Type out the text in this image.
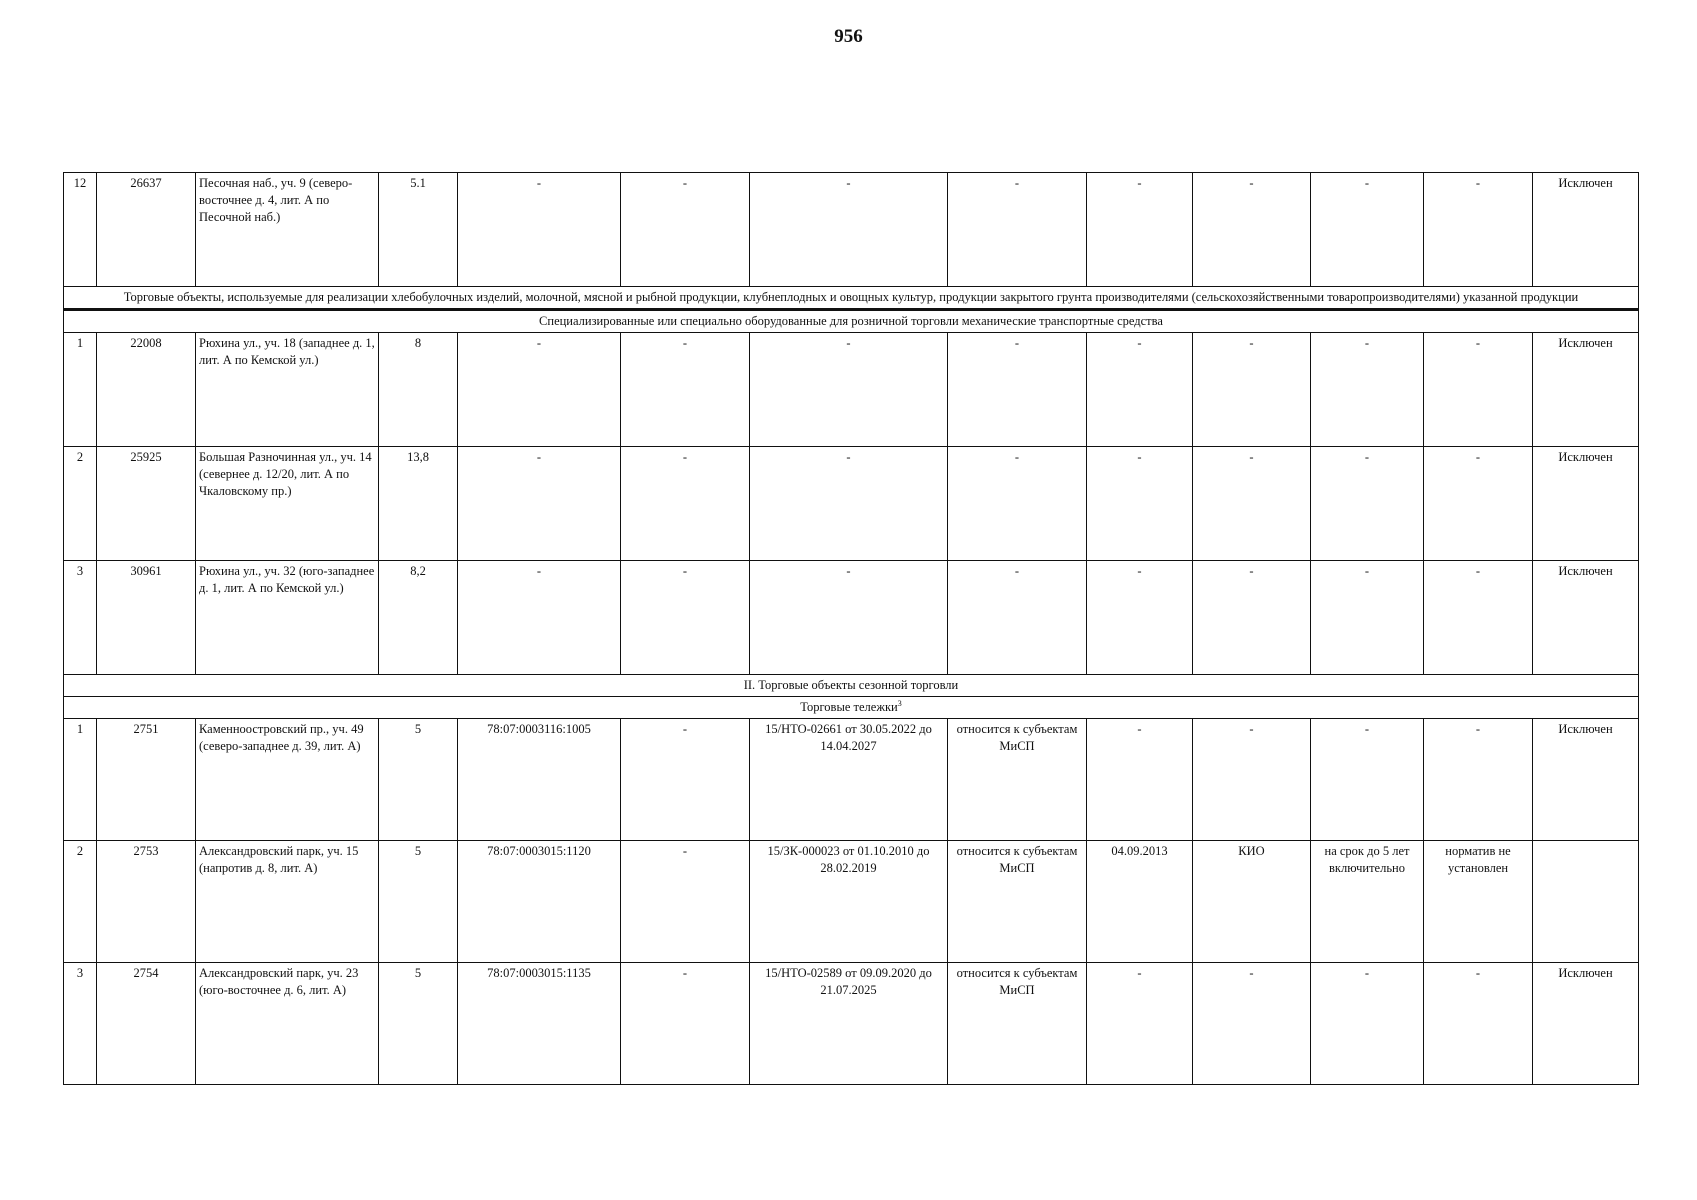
956
12	26637	Песочная наб., уч. 9 (северо-восточнее д. 4, лит. А по Песочной наб.)	5.1	-	-	-	-	-	-	-	-	Исключен
Торговые объекты, используемые для реализации хлебобулочных изделий, молочной, мясной и рыбной продукции, клубнеплодных и овощных культур, продукции закрытого грунта производителями (сельскохозяйственными товаропроизводителями) указанной продукции												
Специализированные или специально оборудованные для розничной торговли механические транспортные средства												
1	22008	Рюхина ул., уч. 18 (западнее д. 1, лит. А по Кемской ул.)	8	-	-	-	-	-	-	-	-	Исключен
2	25925	Большая Разночинная ул., уч. 14 (севернее д. 12/20, лит. А по Чкаловскому пр.)	13,8	-	-	-	-	-	-	-	-	Исключен
3	30961	Рюхина ул., уч. 32 (юго-западнее д. 1, лит. А по Кемской ул.)	8,2	-	-	-	-	-	-	-	-	Исключен
II. Торговые объекты сезонной торговли												
Торговые тележки$^3$
1	2751	Каменноостровский пр., уч. 49 (северо-западнее д. 39, лит. А)	5	78:07:0003116:1005	-	15/НТО-02661 от 30.05.2022 до 14.04.2027	относится к субъектам МиСП	-	-	-	-	Исключен
2	2753	Александровский парк, уч. 15 (напротив д. 8, лит. А)	5	78:07:0003015:1120	-	15/ЗК-000023 от 01.10.2010 до 28.02.2019	относится к субъектам МиСП	04.09.2013	КИО	на срок до 5 лет включительно	норматив не установлен	
3	2754	Александровский парк, уч. 23 (юго-восточнее д. 6, лит. А)	5	78:07:0003015:1135	-	15/НТО-02589 от 09.09.2020 до 21.07.2025	относится к субъектам МиСП	-	-	-	-	Исключен
